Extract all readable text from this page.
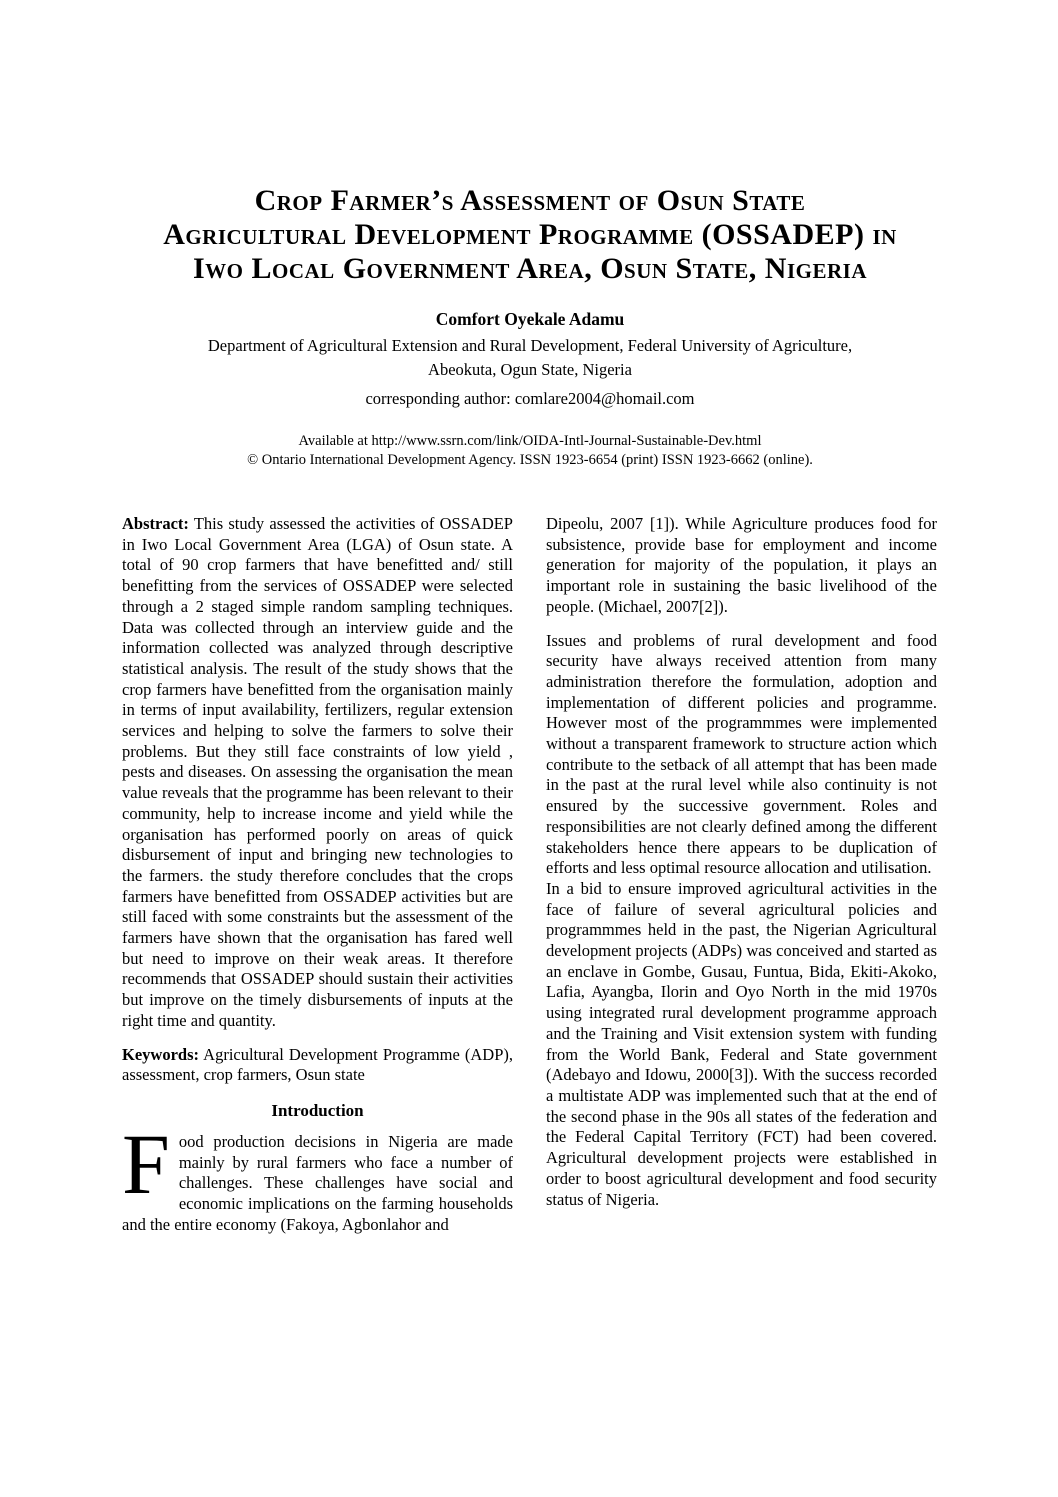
Crop Farmer’s Assessment of Osun State
Agricultural Development Programme (OSSADEP) in
Iwo Local Government Area, Osun State, Nigeria
Comfort Oyekale Adamu
Department of Agricultural Extension and Rural Development, Federal University of Agriculture,
Abeokuta, Ogun State, Nigeria
corresponding author: comlare2004@homail.com
Available at http://www.ssrn.com/link/OIDA-Intl-Journal-Sustainable-Dev.html
© Ontario International Development Agency. ISSN 1923-6654 (print) ISSN 1923-6662 (online).

Abstract: This study assessed the activities of OSSADEP in Iwo Local Government Area (LGA) of Osun state. A total of 90 crop farmers that have benefitted and/ still benefitting from the services of OSSADEP were selected through a 2 staged simple random sampling techniques. Data was collected through an interview guide and the information collected was analyzed through descriptive statistical analysis. The result of the study shows that the crop farmers have benefitted from the organisation mainly in terms of input availability, fertilizers, regular extension services and helping to solve the farmers to solve their problems. But they still face constraints of low yield , pests and diseases. On assessing the organisation the mean value reveals that the programme has been relevant to their community, help to increase income and yield while the organisation has performed poorly on areas of quick disbursement of input and bringing new technologies to the farmers. the study therefore concludes that the crops farmers have benefitted from OSSADEP activities but are still faced with some constraints but the assessment of the farmers have shown that the organisation has fared well but need to improve on their weak areas. It therefore recommends that OSSADEP should sustain their activities but improve on the timely disbursements of inputs at the right time and quantity.

Keywords: Agricultural Development Programme (ADP), assessment, crop farmers, Osun state

Introduction

Food production decisions in Nigeria are made mainly by rural farmers who face a number of challenges. These challenges have social and economic implications on the farming households and the entire economy (Fakoya, Agbonlahor and

Dipeolu, 2007 [1]). While Agriculture produces food for subsistence, provide base for employment and income generation for majority of the population, it plays an important role in sustaining the basic livelihood of the people. (Michael, 2007[2]).

Issues and problems of rural development and food security have always received attention from many administration therefore the formulation, adoption and implementation of different policies and programme. However most of the programmmes were implemented without a transparent framework to structure action which contribute to the setback of all attempt that has been made in the past at the rural level while also continuity is not ensured by the successive government. Roles and responsibilities are not clearly defined among the different stakeholders hence there appears to be duplication of efforts and less optimal resource allocation and utilisation.

In a bid to ensure improved agricultural activities in the face of failure of several agricultural policies and programmmes held in the past, the Nigerian Agricultural development projects (ADPs) was conceived and started as an enclave in Gombe, Gusau, Funtua, Bida, Ekiti-Akoko, Lafia, Ayangba, Ilorin and Oyo North in the mid 1970s using integrated rural development programme approach and the Training and Visit extension system with funding from the World Bank, Federal and State government (Adebayo and Idowu, 2000[3]). With the success recorded a multistate ADP was implemented such that at the end of the second phase in the 90s all states of the federation and the Federal Capital Territory (FCT) had been covered. Agricultural development projects were established in order to boost agricultural development and food security status of Nigeria.
